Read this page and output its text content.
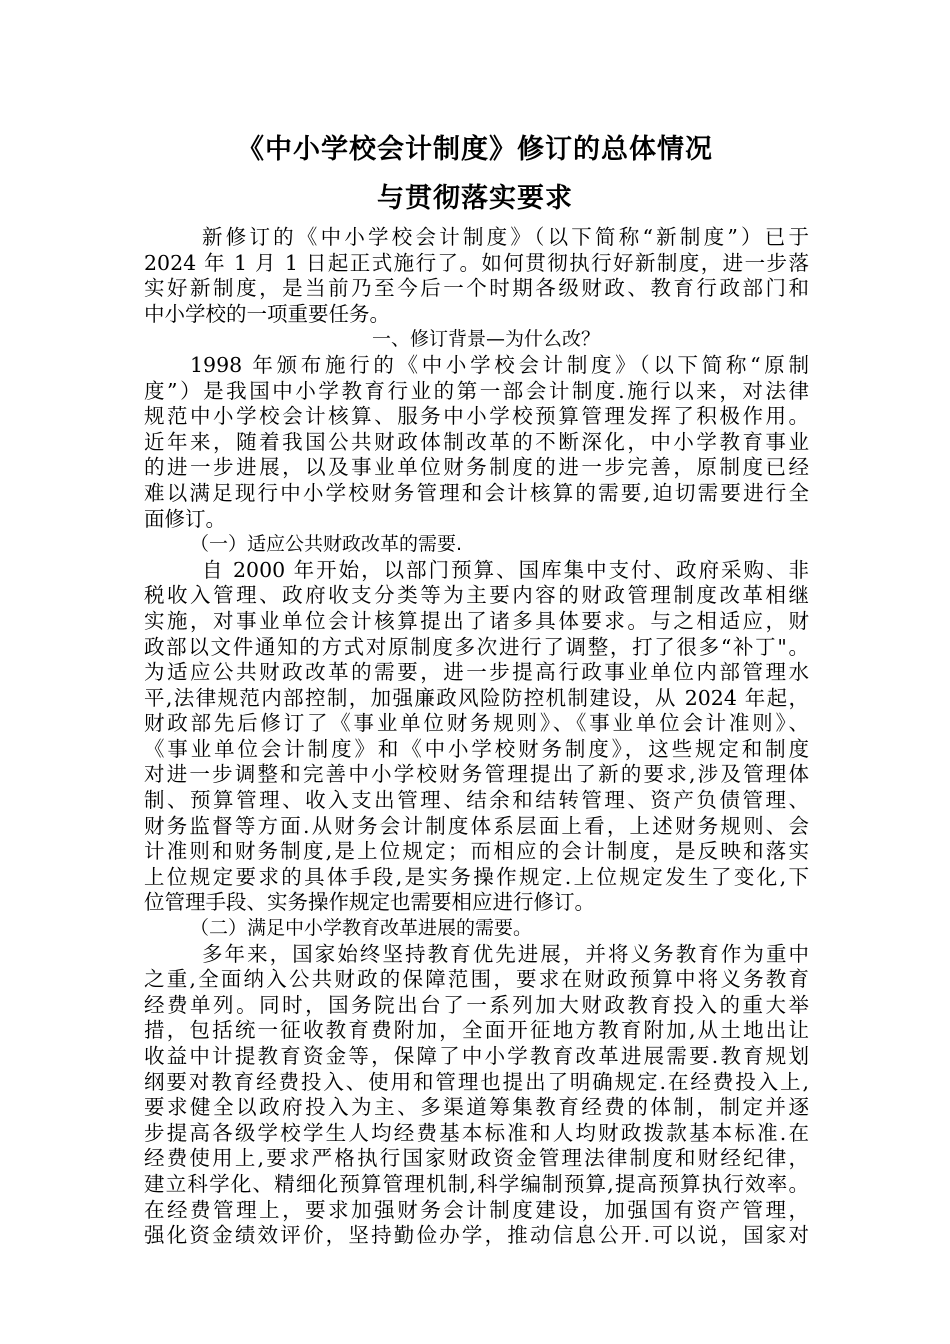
《中小学校会计制度》修订的总体情况
与贯彻落实要求
新修订的《中小学校会计制度》（以下简称“新制度”）已于
2024 年 1 月 1 日起正式施行了。如何贯彻执行好新制度，进一步落
实好新制度，是当前乃至今后一个时期各级财政、教育行政部门和
中小学校的一项重要任务。
一、修订背景—为什么改？
1998 年颁布施行的《中小学校会计制度》（以下简称“原制
度”）是我国中小学教育行业的第一部会计制度.施行以来，对法律
规范中小学校会计核算、服务中小学校预算管理发挥了积极作用。
近年来，随着我国公共财政体制改革的不断深化，中小学教育事业
的进一步进展，以及事业单位财务制度的进一步完善，原制度已经
难以满足现行中小学校财务管理和会计核算的需要,迫切需要进行全
面修订。
（一）适应公共财政改革的需要.
自 2000 年开始，以部门预算、国库集中支付、政府采购、非
税收入管理、政府收支分类等为主要内容的财政管理制度改革相继
实施，对事业单位会计核算提出了诸多具体要求。与之相适应，财
政部以文件通知的方式对原制度多次进行了调整，打了很多“补丁"。
为适应公共财政改革的需要，进一步提高行政事业单位内部管理水
平,法律规范内部控制，加强廉政风险防控机制建设，从 2024 年起，
财政部先后修订了《事业单位财务规则》、《事业单位会计准则》、
《事业单位会计制度》和《中小学校财务制度》，这些规定和制度
对进一步调整和完善中小学校财务管理提出了新的要求,涉及管理体
制、预算管理、收入支出管理、结余和结转管理、资产负债管理、
财务监督等方面.从财务会计制度体系层面上看，上述财务规则、会
计准则和财务制度,是上位规定；而相应的会计制度，是反映和落实
上位规定要求的具体手段,是实务操作规定.上位规定发生了变化,下
位管理手段、实务操作规定也需要相应进行修订。
（二）满足中小学教育改革进展的需要。
多年来，国家始终坚持教育优先进展，并将义务教育作为重中
之重,全面纳入公共财政的保障范围，要求在财政预算中将义务教育
经费单列。同时，国务院出台了一系列加大财政教育投入的重大举
措，包括统一征收教育费附加，全面开征地方教育附加,从土地出让
收益中计提教育资金等，保障了中小学教育改革进展需要.教育规划
纲要对教育经费投入、使用和管理也提出了明确规定.在经费投入上,
要求健全以政府投入为主、多渠道筹集教育经费的体制，制定并逐
步提高各级学校学生人均经费基本标准和人均财政拨款基本标准.在
经费使用上,要求严格执行国家财政资金管理法律制度和财经纪律，
建立科学化、精细化预算管理机制,科学编制预算,提高预算执行效率。
在经费管理上，要求加强财务会计制度建设，加强国有资产管理，
强化资金绩效评价，坚持勤俭办学，推动信息公开.可以说，国家对
